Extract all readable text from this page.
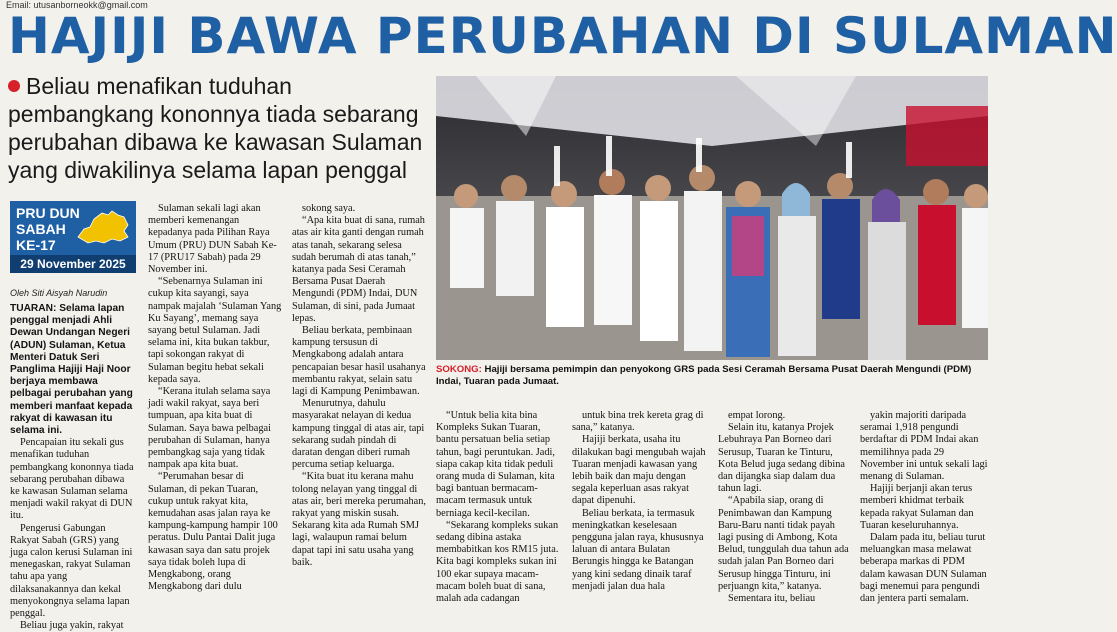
Email: utusanborneokk@gmail.com
HAJIJI BAWA PERUBAHAN DI SULAMAN
Beliau menafikan tuduhan pembangkang kononnya tiada sebarang perubahan dibawa ke kawasan Sulaman yang diwakilinya selama lapan penggal
PRU DUN
SABAH
KE-17
29 November 2025
Oleh Siti Aisyah Narudin

TUARAN: Selama lapan penggal menjadi Ahli Dewan Undangan Negeri (ADUN) Sulaman, Ketua Menteri Datuk Seri Panglima Hajiji Haji Noor berjaya membawa pelbagai perubahan yang memberi manfaat kepada rakyat di kawasan itu selama ini.

Pencapaian itu sekali gus menafikan tuduhan pembangkang kononnya tiada sebarang perubahan dibawa ke kawasan Sulaman selama menjadi wakil rakyat di DUN itu.

Pengerusi Gabungan Rakyat Sabah (GRS) yang juga calon kerusi Sulaman ini menegaskan, rakyat Sulaman tahu apa yang dilaksanakannya dan kekal menyokongnya selama lapan penggal.

Beliau juga yakin, rakyat

Sulaman sekali lagi akan memberi kemenangan kepadanya pada Pilihan Raya Umum (PRU) DUN Sabah Ke-17 (PRU17 Sabah) pada 29 November ini.

“Sebenarnya Sulaman ini cukup kita sayangi, saya nampak majalah ‘Sulaman Yang Ku Sayang’, memang saya sayang betul Sulaman. Jadi selama ini, kita bukan takbur, tapi sokongan rakyat di Sulaman begitu hebat sekali kepada saya.

“Kerana itulah selama saya jadi wakil rakyat, saya beri tumpuan, apa kita buat di Sulaman. Saya bawa pelbagai perubahan di Sulaman, hanya pembangkag saja yang tidak nampak apa kita buat.

“Perumahan besar di Sulaman, di pekan Tuaran, cukup untuk rakyat kita, kemudahan asas jalan raya ke kampung-kampung hampir 100 peratus. Dulu Pantai Dalit juga kawasan saya dan satu projek saya tidak boleh lupa di Mengkabong, orang Mengkabong dari dulu

sokong saya.

“Apa kita buat di sana, rumah atas air kita ganti dengan rumah atas tanah, sekarang selesa sudah berumah di atas tanah,” katanya pada Sesi Ceramah Bersama Pusat Daerah Mengundi (PDM) Indai, DUN Sulaman, di sini, pada Jumaat lepas.

Beliau berkata, pembinaan kampung tersusun di Mengkabong adalah antara pencapaian besar hasil usahanya membantu rakyat, selain satu lagi di Kampung Penimbawan.

Menurutnya, dahulu masyarakat nelayan di kedua kampung tinggal di atas air, tapi sekarang sudah pindah di daratan dengan diberi rumah percuma setiap keluarga.

“Kita buat itu kerana mahu tolong nelayan yang tinggal di atas air, beri mereka perumahan, rakyat yang miskin susah. Sekarang kita ada Rumah SMJ lagi, walaupun ramai belum dapat tapi ini satu usaha yang baik.

“Untuk belia kita bina Kompleks Sukan Tuaran, bantu persatuan belia setiap tahun, bagi peruntukan. Jadi, siapa cakap kita tidak peduli orang muda di Sulaman, kita bagi bantuan bermacam-macam termasuk untuk berniaga kecil-kecilan.

“Sekarang kompleks sukan sedang dibina astaka membabitkan kos RM15 juta. Kita bagi kompleks sukan ini 100 ekar supaya macam- macam boleh buat di sana, malah ada cadangan

untuk bina trek kereta grag di sana,” katanya.

Hajiji berkata, usaha itu dilakukan bagi mengubah wajah Tuaran menjadi kawasan yang lebih baik dan maju dengan segala keperluan asas rakyat dapat dipenuhi.

Beliau berkata, ia termasuk meningkatkan keselesaan pengguna jalan raya, khususnya laluan di antara Bulatan Berungis hingga ke Batangan yang kini sedang dinaik taraf menjadi jalan dua hala

empat lorong.

Selain itu, katanya Projek Lebuhraya Pan Borneo dari Serusup, Tuaran ke Tinturu, Kota Belud juga sedang dibina dan dijangka siap dalam dua tahun lagi.

“Apabila siap, orang di Penimbawan dan Kampung Baru-Baru nanti tidak payah lagi pusing di Ambong, Kota Belud, tunggulah dua tahun ada sudah jalan Pan Borneo dari Serusup hingga Tinturu, ini perjuangn kita,” katanya.

Sementara itu, beliau

yakin majoriti daripada seramai 1,918 pengundi berdaftar di PDM Indai akan memilihnya pada 29 November ini untuk sekali lagi menang di Sulaman.

Hajiji berjanji akan terus memberi khidmat terbaik kepada rakyat Sulaman dan Tuaran keseluruhannya.

Dalam pada itu, beliau turut meluangkan masa melawat beberapa markas di PDM dalam kawasan DUN Sulaman bagi menemui para pengundi dan jentera parti semalam.

SOKONG: Hajiji bersama pemimpin dan penyokong GRS pada Sesi Ceramah Bersama Pusat Daerah Mengundi (PDM) Indai, Tuaran pada Jumaat.
